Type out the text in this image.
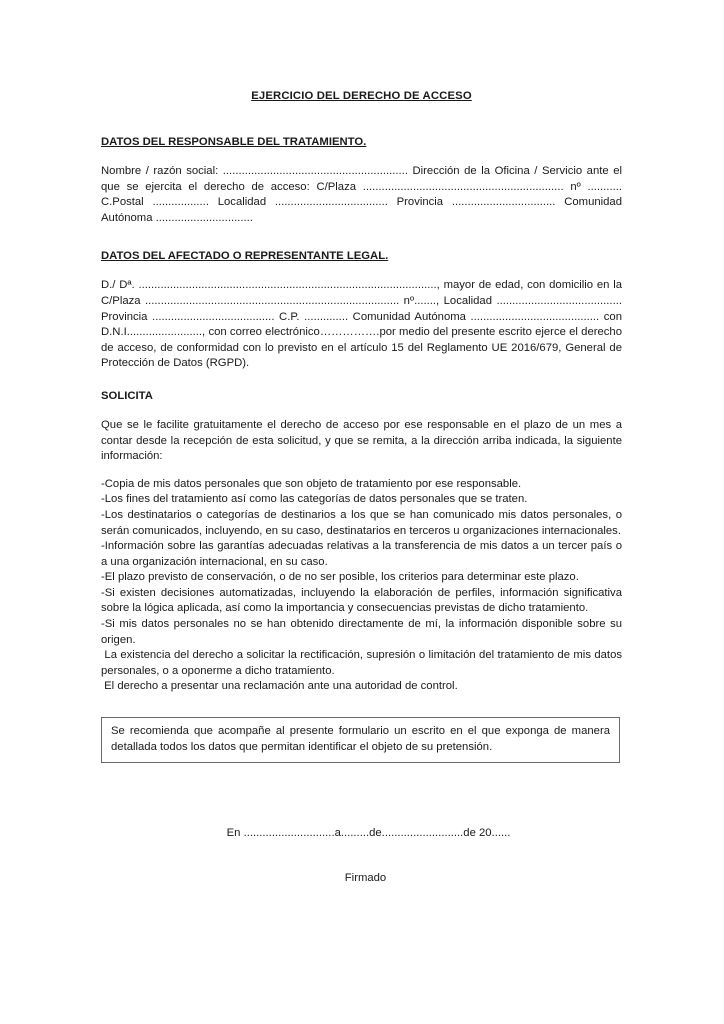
EJERCICIO DEL DERECHO DE ACCESO
DATOS DEL RESPONSABLE DEL TRATAMIENTO.

Nombre / razón social: ........................................................... Dirección de la Oficina / Servicio ante el que se ejercita el derecho de acceso: C/Plaza ................................................................ nº ........... C.Postal .................. Localidad .................................... Provincia ................................. Comunidad Autónoma ...............................

DATOS DEL AFECTADO O REPRESENTANTE LEGAL.

D./ Dª. ..............................................................................................., mayor de edad, con domicilio en la C/Plaza ................................................................................. nº......., Localidad ........................................ Provincia ....................................... C.P. .............. Comunidad Autónoma ......................................... con D.N.I........................, con correo electrónico…………….por medio del presente escrito ejerce el derecho de acceso, de conformidad con lo previsto en el artículo 15 del Reglamento UE 2016/679, General de Protección de Datos (RGPD).

SOLICITA

Que se le facilite gratuitamente el derecho de acceso por ese responsable en el plazo de un mes a contar desde la recepción de esta solicitud, y que se remita, a la dirección arriba indicada, la siguiente información:

-Copia de mis datos personales que son objeto de tratamiento por ese responsable.

-Los fines del tratamiento así como las categorías de datos personales que se traten.

-Los destinatarios o categorías de destinarios a los que se han comunicado mis datos personales, o serán comunicados, incluyendo, en su caso, destinatarios en terceros u organizaciones internacionales.

-Información sobre las garantías adecuadas relativas a la transferencia de mis datos a un tercer país o a una organización internacional, en su caso.

-El plazo previsto de conservación, o de no ser posible, los criterios para determinar este plazo.

-Si existen decisiones automatizadas, incluyendo la elaboración de perfiles, información significativa sobre la lógica aplicada, así como la importancia y consecuencias previstas de dicho tratamiento.

-Si mis datos personales no se han obtenido directamente de mí, la información disponible sobre su origen.

La existencia del derecho a solicitar la rectificación, supresión o limitación del tratamiento de mis datos personales, o a oponerme a dicho tratamiento.

El derecho a presentar una reclamación ante una autoridad de control.

Se recomienda que acompañe al presente formulario un escrito en el que exponga de manera detallada todos los datos que permitan identificar el objeto de su pretensión.

En .............................a.........de..........................de 20......

Firmado
